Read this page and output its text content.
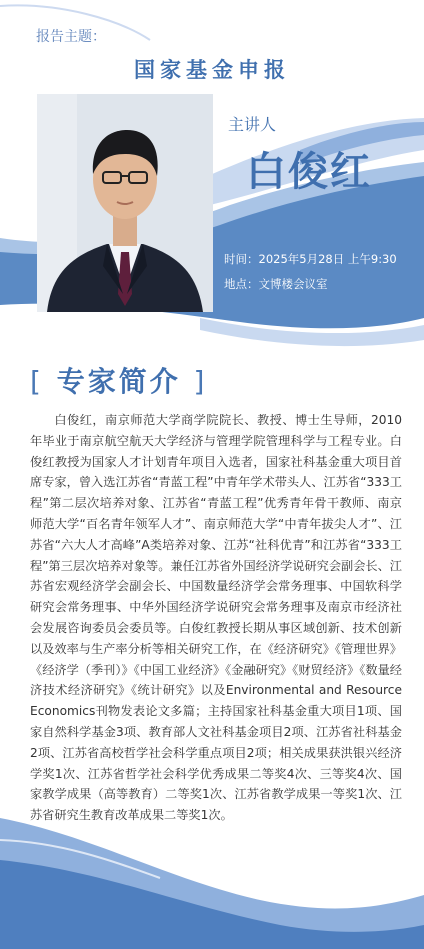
报告主题：
国家基金申报
主讲人
白俊红
时间：2025年5月28日 上午9:30
地点：文博楼会议室
[ 专家简介 ]
白俊红，南京师范大学商学院院长、教授、博士生导师，2010年毕业于南京航空航天大学经济与管理学院管理科学与工程专业。白俊红教授为国家人才计划青年项目入选者，国家社科基金重大项目首席专家，曾入选江苏省“青蓝工程”中青年学术带头人、江苏省“333工程”第二层次培养对象、江苏省“青蓝工程”优秀青年骨干教师、南京师范大学“百名青年领军人才”、南京师范大学“中青年拔尖人才”、江苏省“六大人才高峰”A类培养对象、江苏“社科优青”和江苏省“333工程”第三层次培养对象等。兼任江苏省外国经济学说研究会副会长、江苏省宏观经济学会副会长、中国数量经济学会常务理事、中国软科学研究会常务理事、中华外国经济学说研究会常务理事及南京市经济社会发展咨询委员会委员等。白俊红教授长期从事区域创新、技术创新以及效率与生产率分析等相关研究工作，在《经济研究》《管理世界》《经济学（季刊）》《中国工业经济》《金融研究》《财贸经济》《数量经济技术经济研究》《统计研究》以及Environmental and Resource Economics刊物发表论文多篇；主持国家社科基金重大项目1项、国家自然科学基金3项、教育部人文社科基金项目2项、江苏省社科基金2项、江苏省高校哲学社会科学重点项目2项；相关成果获洪银兴经济学奖1次、江苏省哲学社会科学优秀成果二等奖4次、三等奖4次、国家教学成果（高等教育）二等奖1次、江苏省教学成果一等奖1次、江苏省研究生教育改革成果二等奖1次。
